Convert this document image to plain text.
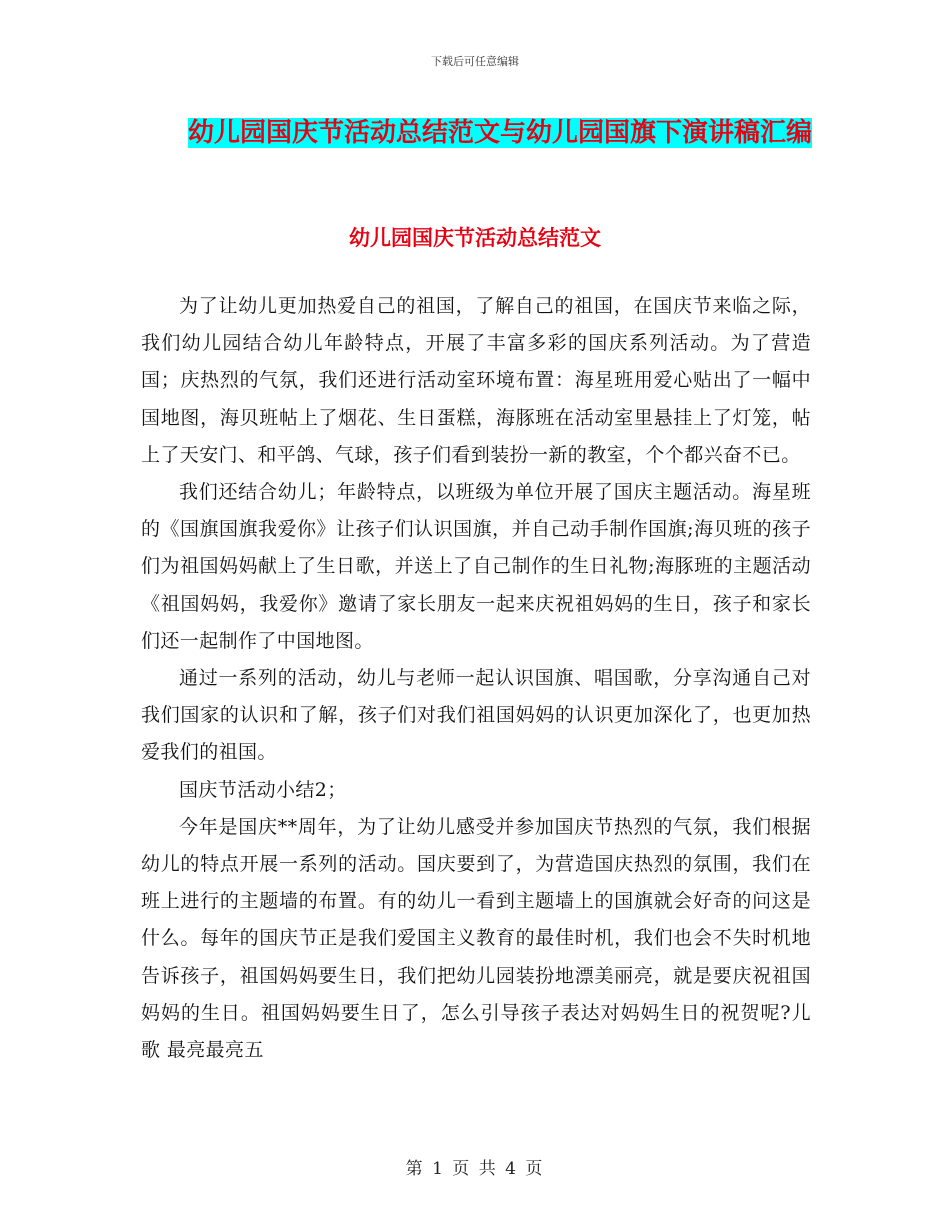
下载后可任意编辑
幼儿园国庆节活动总结范文与幼儿园国旗下演讲稿汇编
幼儿园国庆节活动总结范文

为了让幼儿更加热爱自己的祖国，了解自己的祖国，在国庆节来临之际，我们幼儿园结合幼儿年龄特点，开展了丰富多彩的国庆系列活动。为了营造国；庆热烈的气氛，我们还进行活动室环境布置：海星班用爱心贴出了一幅中国地图，海贝班帖上了烟花、生日蛋糕，海豚班在活动室里悬挂上了灯笼，帖上了天安门、和平鸽、气球，孩子们看到装扮一新的教室，个个都兴奋不已。

我们还结合幼儿；年龄特点，以班级为单位开展了国庆主题活动。海星班的《国旗国旗我爱你》让孩子们认识国旗，并自己动手制作国旗;海贝班的孩子们为祖国妈妈献上了生日歌，并送上了自己制作的生日礼物;海豚班的主题活动《祖国妈妈，我爱你》邀请了家长朋友一起来庆祝祖妈妈的生日，孩子和家长们还一起制作了中国地图。

通过一系列的活动，幼儿与老师一起认识国旗、唱国歌，分享沟通自己对我们国家的认识和了解，孩子们对我们祖国妈妈的认识更加深化了，也更加热爱我们的祖国。

国庆节活动小结2；

今年是国庆**周年，为了让幼儿感受并参加国庆节热烈的气氛，我们根据幼儿的特点开展一系列的活动。国庆要到了，为营造国庆热烈的氛围，我们在班上进行的主题墙的布置。有的幼儿一看到主题墙上的国旗就会好奇的问这是什么。每年的国庆节正是我们爱国主义教育的最佳时机，我们也会不失时机地告诉孩子，祖国妈妈要生日，我们把幼儿园装扮地漂美丽亮，就是要庆祝祖国妈妈的生日。祖国妈妈要生日了，怎么引导孩子表达对妈妈生日的祝贺呢?儿歌 最亮最亮五

第 1 页 共 4 页
